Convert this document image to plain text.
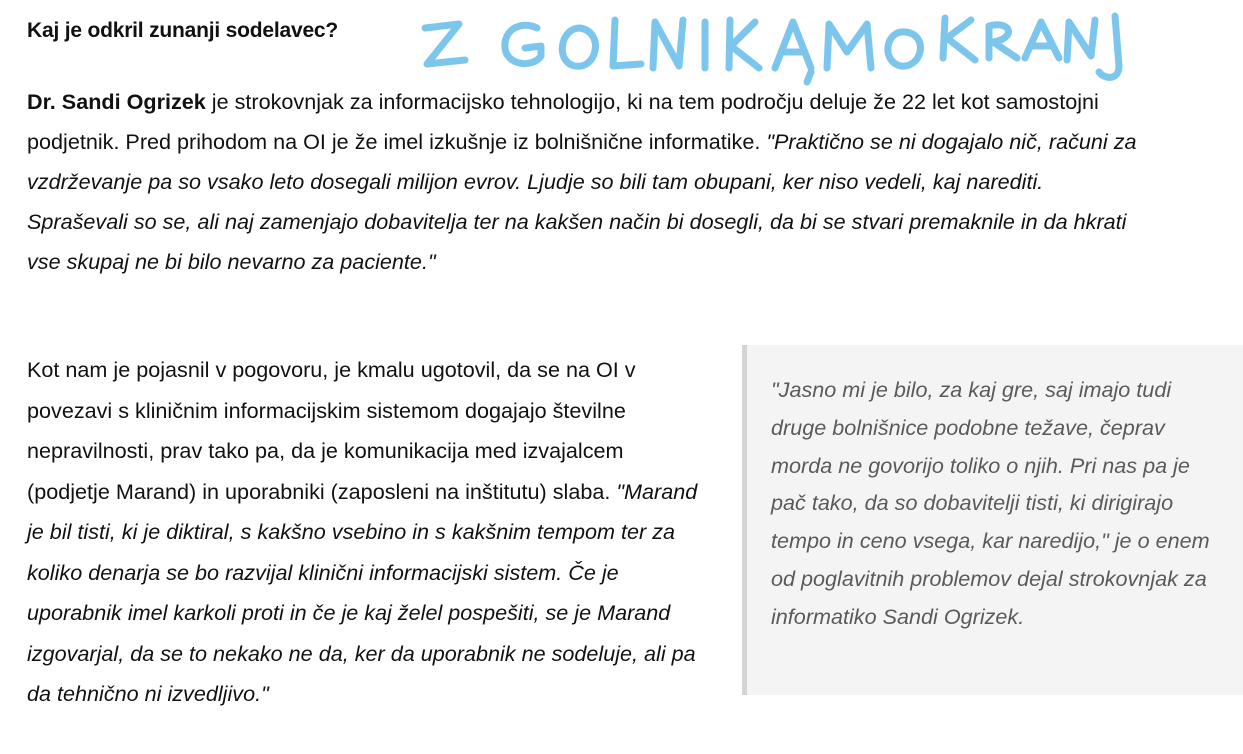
Kaj je odkril zunanji sodelavec?

Dr. Sandi Ogrizek je strokovnjak za informacijsko tehnologijo, ki na tem področju deluje že 22 let kot samostojni podjetnik. Pred prihodom na OI je že imel izkušnje iz bolnišnične informatike. "Praktično se ni dogajalo nič, računi za vzdrževanje pa so vsako leto dosegali milijon evrov. Ljudje so bili tam obupani, ker niso vedeli, kaj narediti. Spraševali so se, ali naj zamenjajo dobavitelja ter na kakšen način bi dosegli, da bi se stvari premaknile in da hkrati vse skupaj ne bi bilo nevarno za paciente."

Kot nam je pojasnil v pogovoru, je kmalu ugotovil, da se na OI v povezavi s kliničnim informacijskim sistemom dogajajo številne nepravilnosti, prav tako pa, da je komunikacija med izvajalcem (podjetje Marand) in uporabniki (zaposleni na inštitutu) slaba. "Marand je bil tisti, ki je diktiral, s kakšno vsebino in s kakšnim tempom ter za koliko denarja se bo razvijal klinični informacijski sistem. Če je uporabnik imel karkoli proti in če je kaj želel pospešiti, se je Marand izgovarjal, da se to nekako ne da, ker da uporabnik ne sodeluje, ali pa da tehnično ni izvedljivo."

"Jasno mi je bilo, za kaj gre, saj imajo tudi druge bolnišnice podobne težave, čeprav morda ne govorijo toliko o njih. Pri nas pa je pač tako, da so dobavitelji tisti, ki dirigirajo tempo in ceno vsega, kar naredijo," je o enem od poglavitnih problemov dejal strokovnjak za informatiko Sandi Ogrizek.
